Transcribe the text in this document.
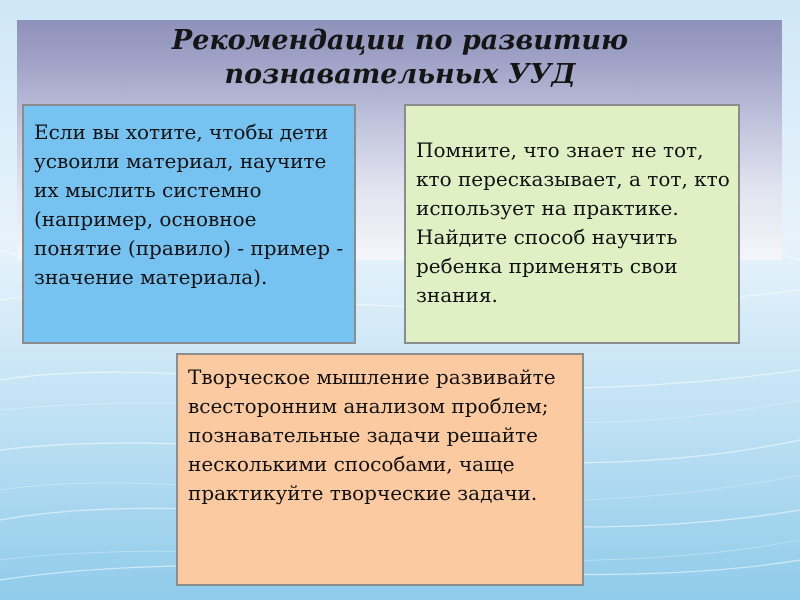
Рекомендации по развитию познавательных УУД
Если вы хотите, чтобы дети усвоили материал, научите их мыслить системно (например, основное понятие (правило) - пример - значение материала).
Помните, что знает не тот, кто пересказывает, а тот, кто использует на практике. Найдите способ научить ребенка применять свои знания.
Творческое мышление развивайте всесторонним анализом проблем; познавательные задачи решайте несколькими способами, чаще практикуйте творческие задачи.
